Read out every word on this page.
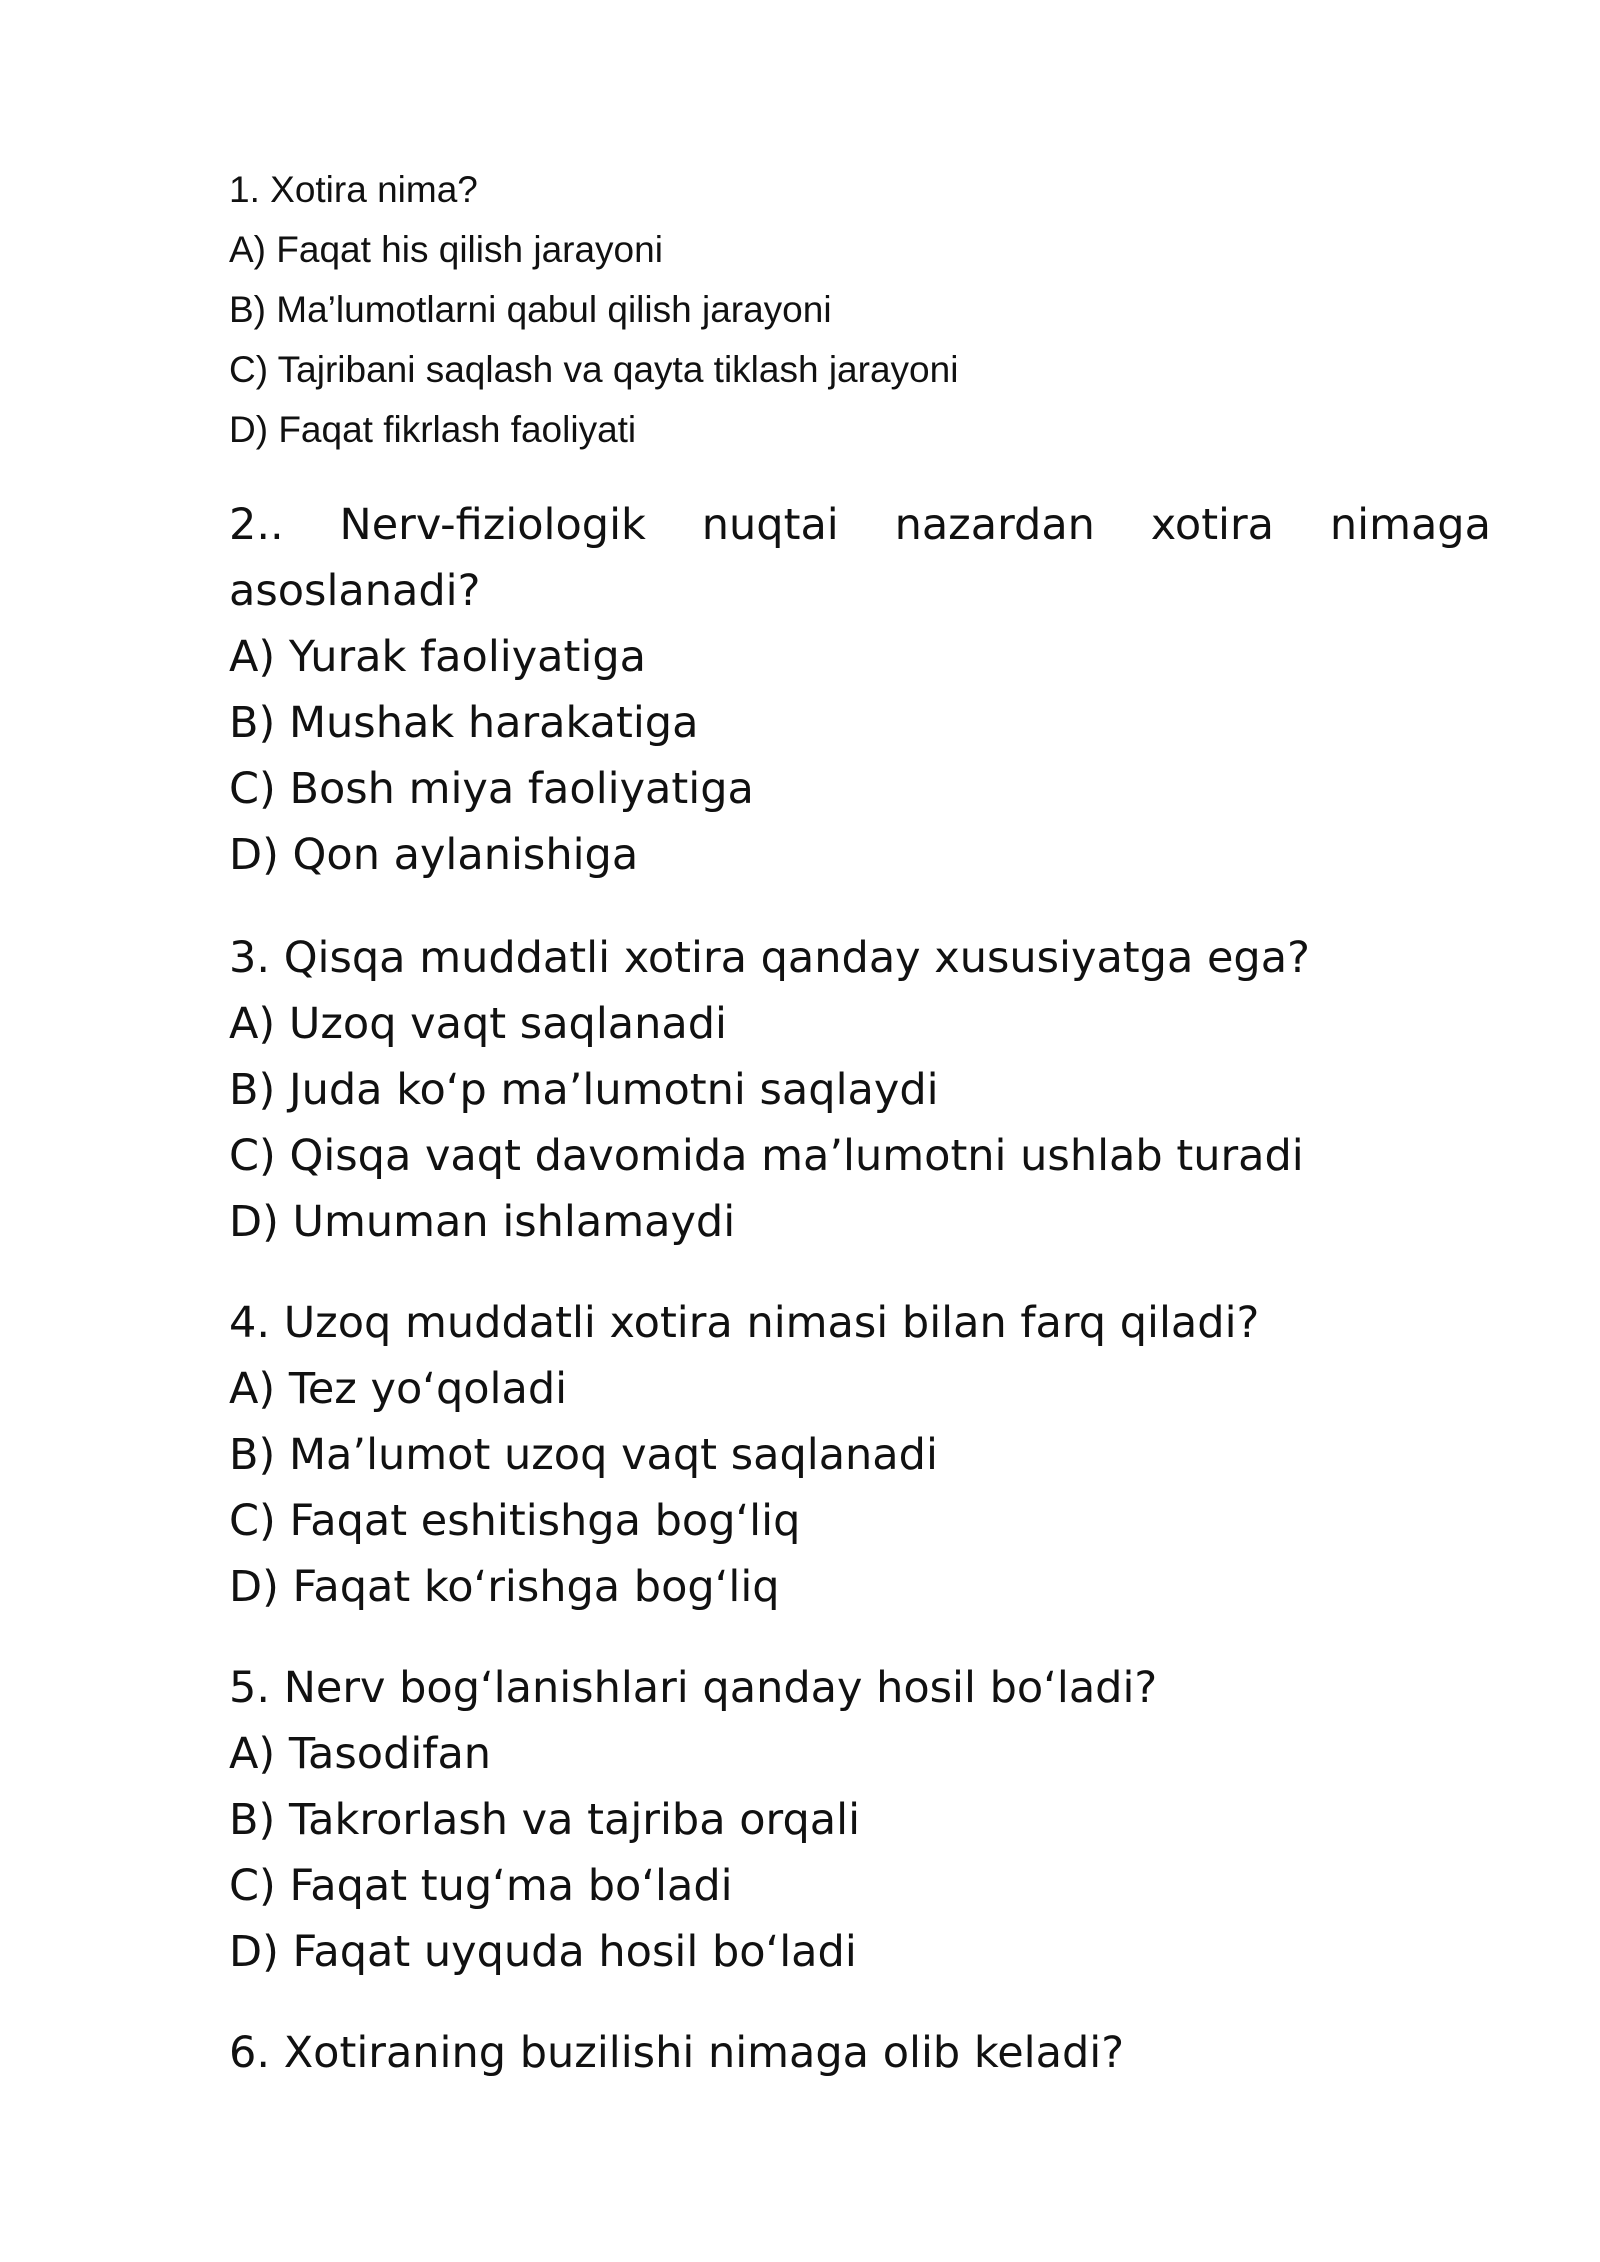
1. Xotira nima?

A) Faqat his qilish jarayoni

B) Ma’lumotlarni qabul qilish jarayoni

C) Tajribani saqlash va qayta tiklash jarayoni

D) Faqat fikrlash faoliyati

2.. Nerv-fiziologik nuqtai nazardan xotira nimaga

asoslanadi?

A) Yurak faoliyatiga

B) Mushak harakatiga

C) Bosh miya faoliyatiga

D) Qon aylanishiga

3. Qisqa muddatli xotira qanday xususiyatga ega?

A) Uzoq vaqt saqlanadi

B) Juda ko‘p ma’lumotni saqlaydi

C) Qisqa vaqt davomida ma’lumotni ushlab turadi

D) Umuman ishlamaydi

4. Uzoq muddatli xotira nimasi bilan farq qiladi?

A) Tez yo‘qoladi

B) Ma’lumot uzoq vaqt saqlanadi

C) Faqat eshitishga bog‘liq

D) Faqat ko‘rishga bog‘liq

5. Nerv bog‘lanishlari qanday hosil bo‘ladi?

A) Tasodifan

B) Takrorlash va tajriba orqali

C) Faqat tug‘ma bo‘ladi

D) Faqat uyquda hosil bo‘ladi

6. Xotiraning buzilishi nimaga olib keladi?
